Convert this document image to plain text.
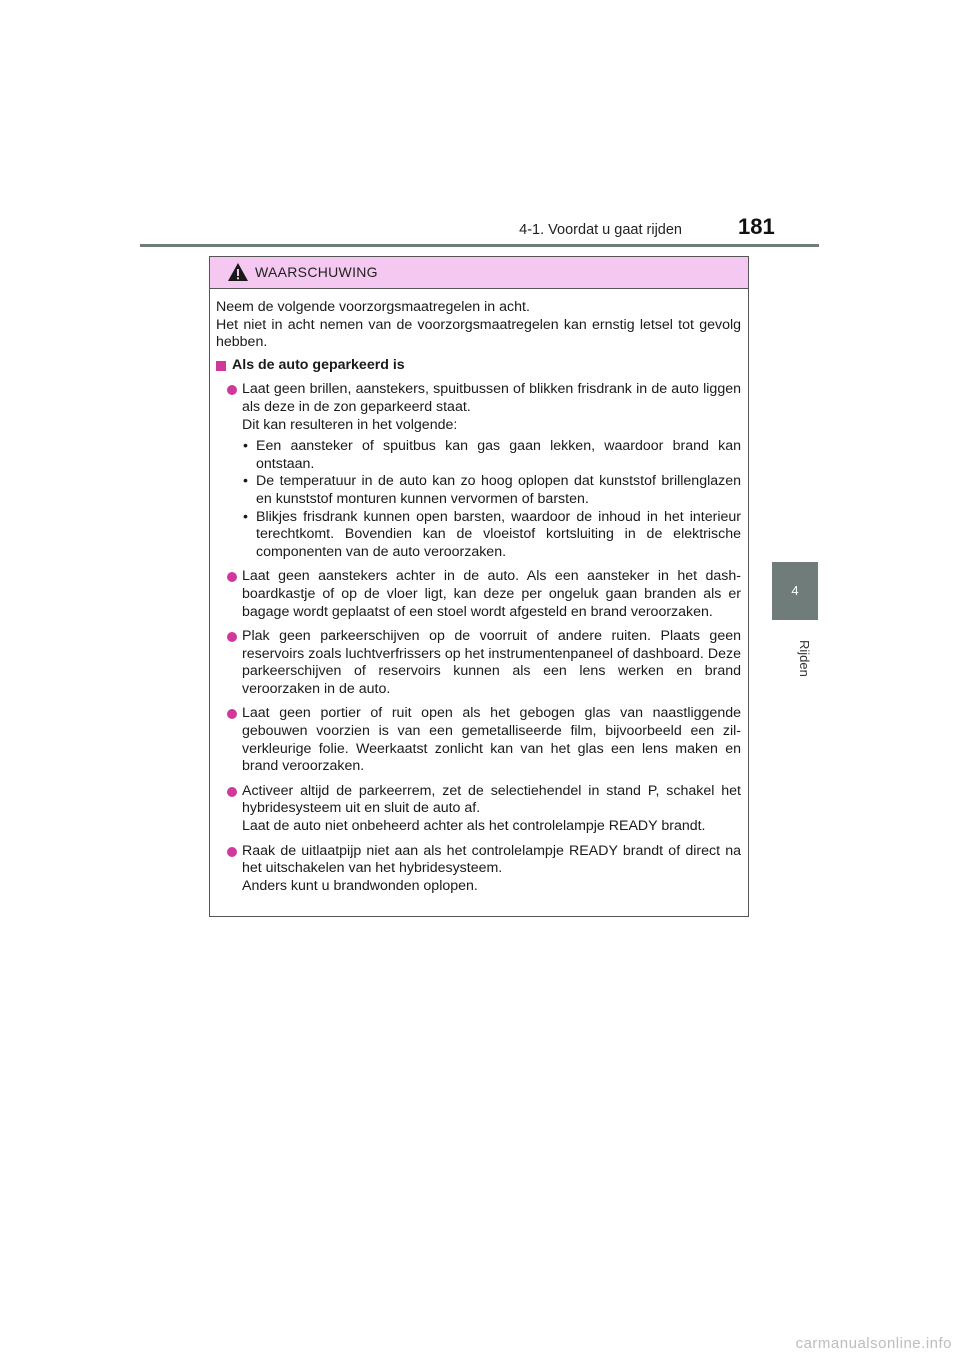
4-1. Voordat u gaat rijden	181
4
Rijden
WAARSCHUWING

Neem de volgende voorzorgsmaatregelen in acht.

Het niet in acht nemen van de voorzorgsmaatregelen kan ernstig letsel tot gevolg hebben.

Als de auto geparkeerd is

Laat geen brillen, aanstekers, spuitbussen of blikken frisdrank in de auto liggen als deze in de zon geparkeerd staat.

Dit kan resulteren in het volgende:

• Een aansteker of spuitbus kan gas gaan lekken, waardoor brand kan ontstaan.
• De temperatuur in de auto kan zo hoog oplopen dat kunststof brillenglazen en kunststof monturen kunnen vervormen of barsten.
• Blikjes frisdrank kunnen open barsten, waardoor de inhoud in het interieur terechtkomt. Bovendien kan de vloeistof kortsluiting in de elektrische componenten van de auto veroorzaken.

Laat geen aanstekers achter in de auto. Als een aansteker in het dashboardkastje of op de vloer ligt, kan deze per ongeluk gaan branden als er bagage wordt geplaatst of een stoel wordt afgesteld en brand veroorzaken.

Plak geen parkeerschijven op de voorruit of andere ruiten. Plaats geen reservoirs zoals luchtverfrissers op het instrumentenpaneel of dashboard. Deze parkeerschijven of reservoirs kunnen als een lens werken en brand veroorzaken in de auto.

Laat geen portier of ruit open als het gebogen glas van naastliggende gebouwen voorzien is van een gemetalliseerde film, bijvoorbeeld een zilverkleurige folie. Weerkaatst zonlicht kan van het glas een lens maken en brand veroorzaken.

Activeer altijd de parkeerrem, zet de selectiehendel in stand P, schakel het hybridesysteem uit en sluit de auto af.

Laat de auto niet onbeheerd achter als het controlelampje READY brandt.

Raak de uitlaatpijp niet aan als het controlelampje READY brandt of direct na het uitschakelen van het hybridesysteem.

Anders kunt u brandwonden oplopen.

carmanualsonline.info
